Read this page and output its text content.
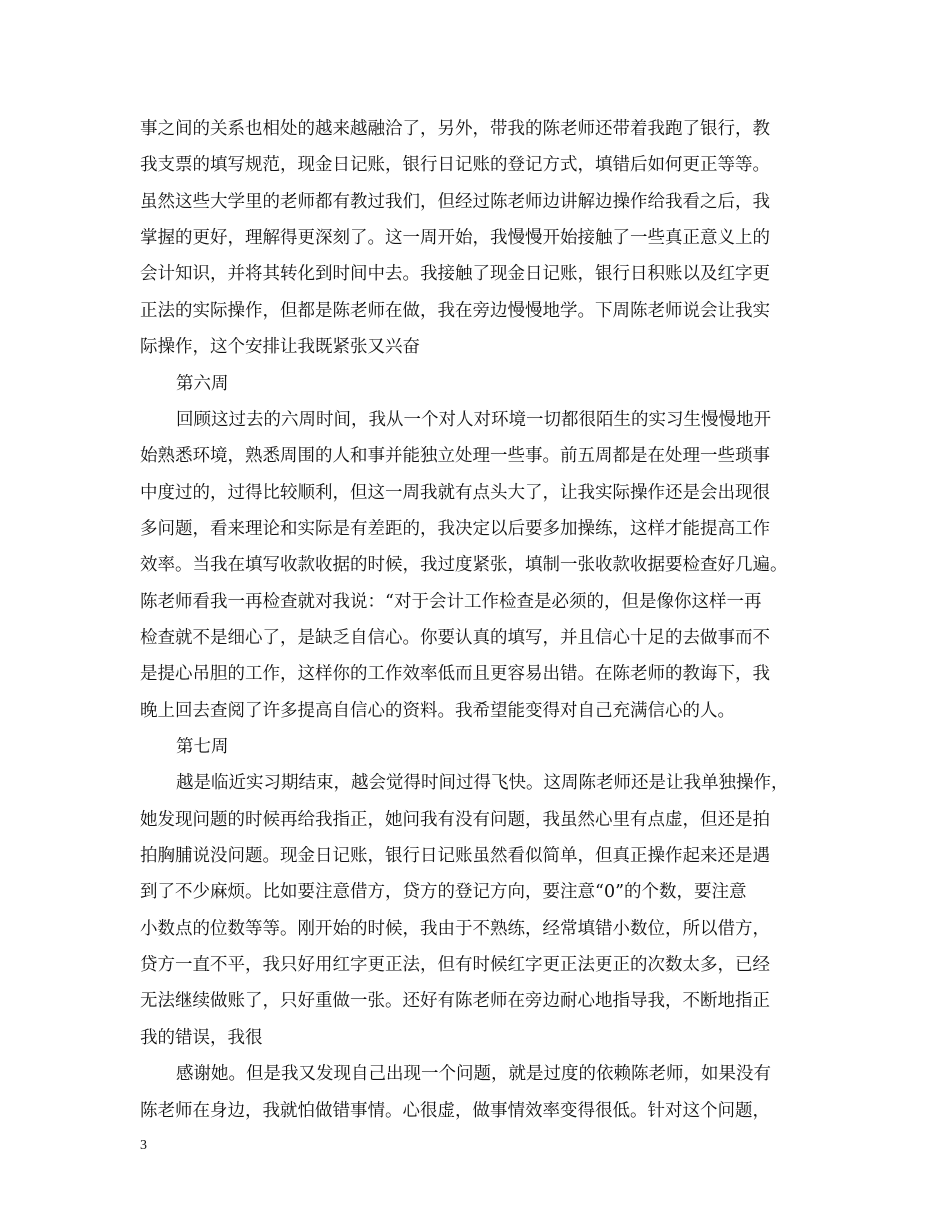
事之间的关系也相处的越来越融洽了，另外，带我的陈老师还带着我跑了银行，教
我支票的填写规范，现金日记账，银行日记账的登记方式，填错后如何更正等等。
虽然这些大学里的老师都有教过我们，但经过陈老师边讲解边操作给我看之后，我
掌握的更好，理解得更深刻了。这一周开始，我慢慢开始接触了一些真正意义上的
会计知识，并将其转化到时间中去。我接触了现金日记账，银行日积账以及红字更
正法的实际操作，但都是陈老师在做，我在旁边慢慢地学。下周陈老师说会让我实
际操作，这个安排让我既紧张又兴奋
第六周
回顾这过去的六周时间，我从一个对人对环境一切都很陌生的实习生慢慢地开
始熟悉环境，熟悉周围的人和事并能独立处理一些事。前五周都是在处理一些琐事
中度过的，过得比较顺利，但这一周我就有点头大了，让我实际操作还是会出现很
多问题，看来理论和实际是有差距的，我决定以后要多加操练，这样才能提高工作
效率。当我在填写收款收据的时候，我过度紧张，填制一张收款收据要检查好几遍。
陈老师看我一再检查就对我说：“对于会计工作检查是必须的，但是像你这样一再
检查就不是细心了，是缺乏自信心。你要认真的填写，并且信心十足的去做事而不
是提心吊胆的工作，这样你的工作效率低而且更容易出错。在陈老师的教诲下，我
晚上回去查阅了许多提高自信心的资料。我希望能变得对自己充满信心的人。
第七周
越是临近实习期结束，越会觉得时间过得飞快。这周陈老师还是让我单独操作，
她发现问题的时候再给我指正，她问我有没有问题，我虽然心里有点虚，但还是拍
拍胸脯说没问题。现金日记账，银行日记账虽然看似简单，但真正操作起来还是遇
到了不少麻烦。比如要注意借方，贷方的登记方向，要注意“0”的个数，要注意
小数点的位数等等。刚开始的时候，我由于不熟练，经常填错小数位，所以借方，
贷方一直不平，我只好用红字更正法，但有时候红字更正法更正的次数太多，已经
无法继续做账了，只好重做一张。还好有陈老师在旁边耐心地指导我，不断地指正
我的错误，我很
感谢她。但是我又发现自己出现一个问题，就是过度的依赖陈老师，如果没有
陈老师在身边，我就怕做错事情。心很虚，做事情效率变得很低。针对这个问题，
3
